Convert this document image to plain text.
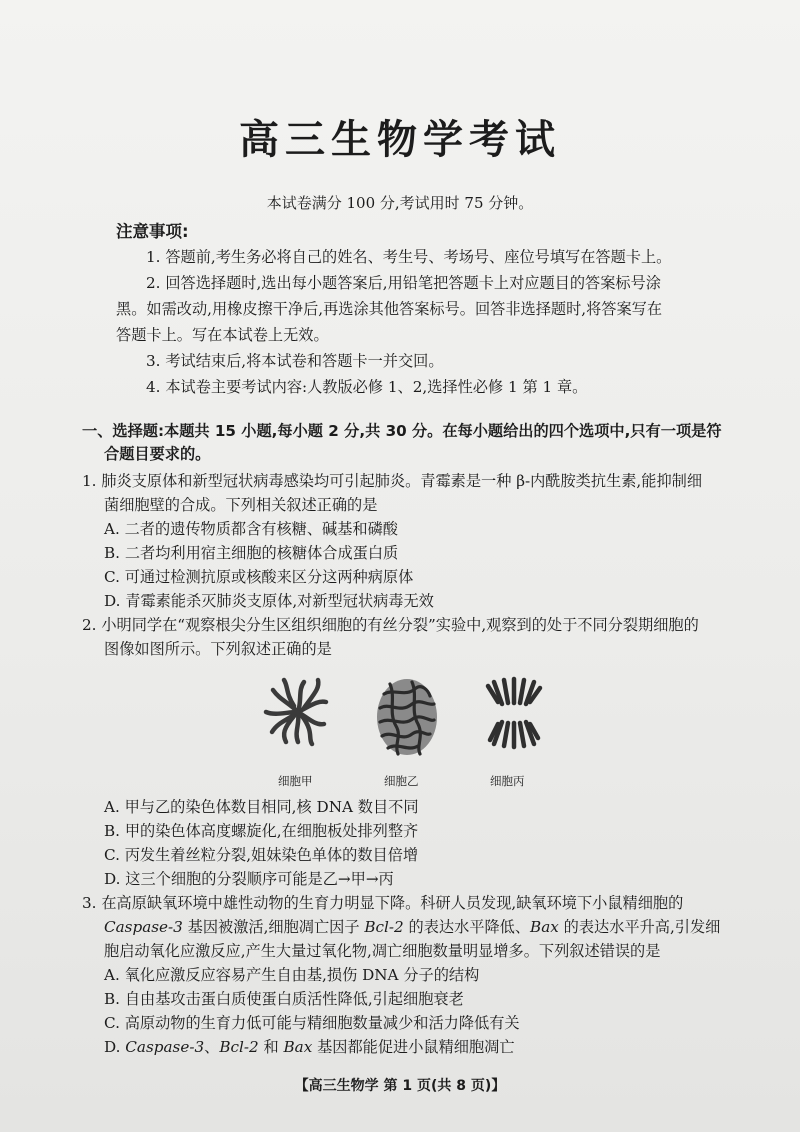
高三生物学考试
本试卷满分 100 分,考试用时 75 分钟。
注意事项:
1. 答题前,考生务必将自己的姓名、考生号、考场号、座位号填写在答题卡上。
2. 回答选择题时,选出每小题答案后,用铅笔把答题卡上对应题目的答案标号涂
黑。如需改动,用橡皮擦干净后,再选涂其他答案标号。回答非选择题时,将答案写在
答题卡上。写在本试卷上无效。
3. 考试结束后,将本试卷和答题卡一并交回。
4. 本试卷主要考试内容:人教版必修 1、2,选择性必修 1 第 1 章。
一、选择题:本题共 15 小题,每小题 2 分,共 30 分。在每小题给出的四个选项中,只有一项是符
合题目要求的。
1. 肺炎支原体和新型冠状病毒感染均可引起肺炎。青霉素是一种 β-内酰胺类抗生素,能抑制细
菌细胞壁的合成。下列相关叙述正确的是
A. 二者的遗传物质都含有核糖、碱基和磷酸
B. 二者均利用宿主细胞的核糖体合成蛋白质
C. 可通过检测抗原或核酸来区分这两种病原体
D. 青霉素能杀灭肺炎支原体,对新型冠状病毒无效
2. 小明同学在“观察根尖分生区组织细胞的有丝分裂”实验中,观察到的处于不同分裂期细胞的
图像如图所示。下列叙述正确的是
细胞甲	细胞乙	细胞丙
A. 甲与乙的染色体数目相同,核 DNA 数目不同
B. 甲的染色体高度螺旋化,在细胞板处排列整齐
C. 丙发生着丝粒分裂,姐妹染色单体的数目倍增
D. 这三个细胞的分裂顺序可能是乙→甲→丙
3. 在高原缺氧环境中雄性动物的生育力明显下降。科研人员发现,缺氧环境下小鼠精细胞的
Caspase-3 基因被激活,细胞凋亡因子 Bcl-2 的表达水平降低、Bax 的表达水平升高,引发细
胞启动氧化应激反应,产生大量过氧化物,凋亡细胞数量明显增多。下列叙述错误的是
A. 氧化应激反应容易产生自由基,损伤 DNA 分子的结构
B. 自由基攻击蛋白质使蛋白质活性降低,引起细胞衰老
C. 高原动物的生育力低可能与精细胞数量减少和活力降低有关
D. Caspase-3、Bcl-2 和 Bax 基因都能促进小鼠精细胞凋亡
【高三生物学 第 1 页(共 8 页)】
